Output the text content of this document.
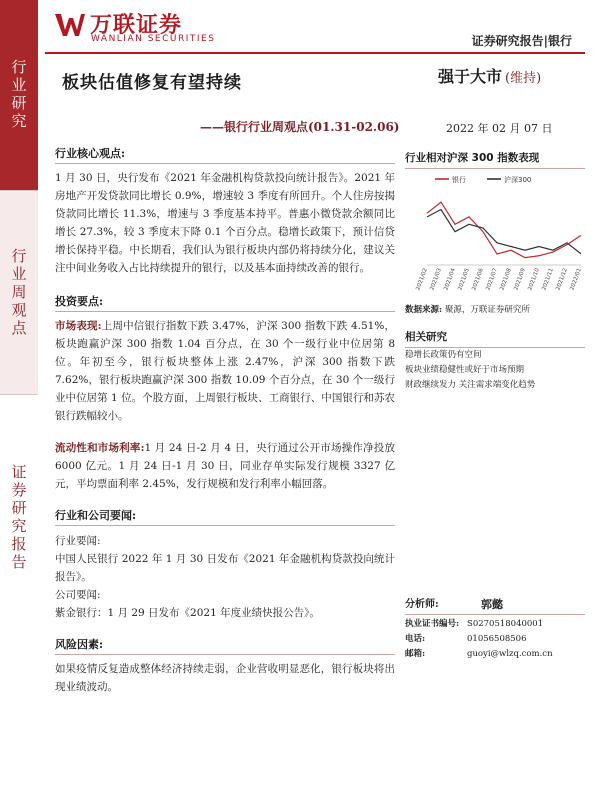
行业研究
行业周观点
证券研究报告
万联证券
WANLIAN SECURITIES	证券研究报告|银行
板块估值修复有望持续	强于大市 (维持)
——银行行业周观点(01.31-02.06)	2022 年 02 月 07 日
行业核心观点:

1 月 30 日，央行发布《2021 年金融机构贷款投向统计报告》。2021 年房地产开发贷款同比增长 0.9%，增速较 3 季度有所回升。个人住房按揭贷款同比增长 11.3%，增速与 3 季度基本持平。普惠小微贷款余额同比增长 27.3%，较 3 季度末下降 0.1 个百分点。稳增长政策下，预计信贷增长保持平稳。中长期看，我们认为银行板块内部仍将持续分化，建议关注中间业务收入占比持续提升的银行，以及基本面持续改善的银行。

投资要点:

市场表现:上周中信银行指数下跌 3.47%，沪深 300 指数下跌 4.51%，板块跑赢沪深 300 指数 1.04 百分点，在 30 个一级行业中位居第 8 位。年初至今，银行板块整体上涨 2.47%，沪深 300 指数下跌 7.62%，银行板块跑赢沪深 300 指数 10.09 个百分点，在 30 个一级行业中位居第 1 位。个股方面，上周银行板块、工商银行、中国银行和苏农银行跌幅较小。

流动性和市场利率:1 月 24 日-2 月 4 日，央行通过公开市场操作净投放 6000 亿元。1 月 24 日-1 月 30 日，同业存单实际发行规模 3327 亿元，平均票面利率 2.45%，发行规模和发行利率小幅回落。

行业和公司要闻:

行业要闻:

中国人民银行 2022 年 1 月 30 日发布《2021 年金融机构贷款投向统计报告》。

公司要闻:

紫金银行：1 月 29 日发布《2021 年度业绩快报公告》。

风险因素:

如果疫情反复造成整体经济持续走弱，企业营收明显恶化，银行板块将出现业绩波动。

行业相对沪深 300 指数表现
银行	沪深300
2021/02 2021/03 2021/04 2021/05 2021/06 2021/07 2021/08 2021/09 2021/10 2021/11 2021/12 2022/01
数据来源: 聚源，万联证券研究所
相关研究
稳增长政策仍有空间
板块业绩稳健性或好于市场预期
财政继续发力 关注需求端变化趋势
分析师:	郭懿
执业证书编号: S0270518040001
电话:	01056508506
邮箱:	guoyi@wlzq.com.cn
